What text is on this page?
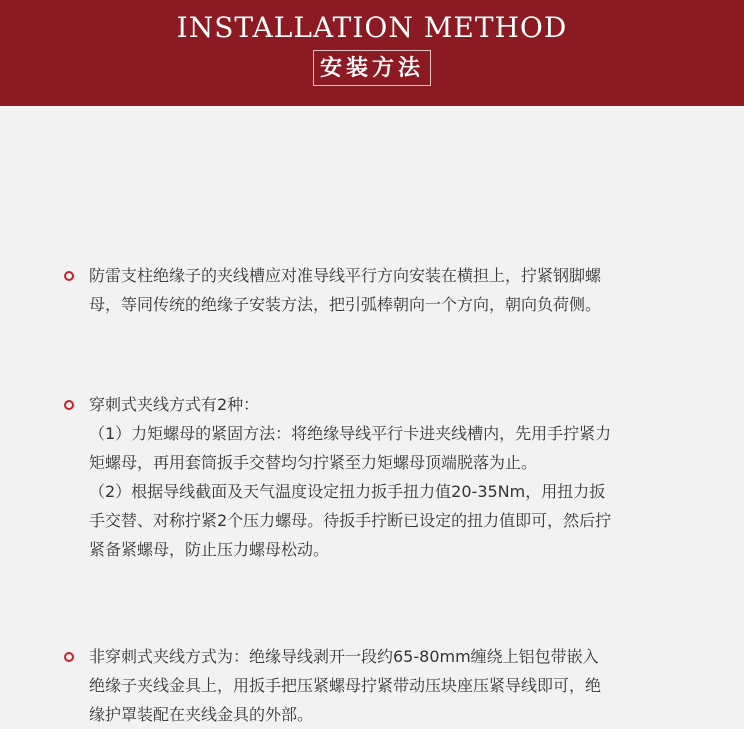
INSTALLATION METHOD
安装方法

防雷支柱绝缘子的夹线槽应对准导线平行方向安装在横担上，拧紧钢脚螺

母，等同传统的绝缘子安装方法，把引弧棒朝向一个方向，朝向负荷侧。

穿刺式夹线方式有2种：

（1）力矩螺母的紧固方法：将绝缘导线平行卡进夹线槽内，先用手拧紧力

矩螺母，再用套筒扳手交替均匀拧紧至力矩螺母顶端脱落为止。

（2）根据导线截面及天气温度设定扭力扳手扭力值20-35Nm，用扭力扳

手交替、对称拧紧2个压力螺母。待扳手拧断已设定的扭力值即可，然后拧

紧备紧螺母，防止压力螺母松动。

非穿刺式夹线方式为：绝缘导线剥开一段约65-80mm缠绕上铝包带嵌入

绝缘子夹线金具上，用扳手把压紧螺母拧紧带动压块座压紧导线即可，绝

缘护罩装配在夹线金具的外部。
